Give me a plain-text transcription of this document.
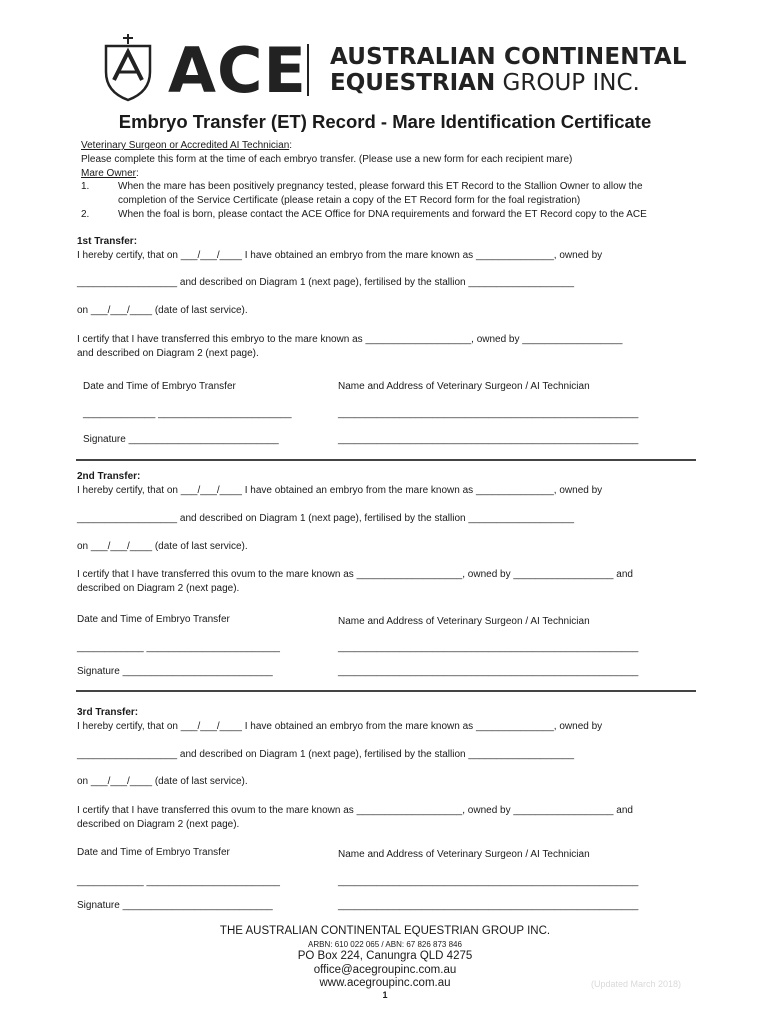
ACE AUSTRALIAN CONTINENTAL
EQUESTRIAN GROUP INC.
Embryo Transfer (ET) Record - Mare Identification Certificate
Veterinary Surgeon or Accredited AI Technician:
Please complete this form at the time of each embryo transfer. (Please use a new form for each recipient mare)
Mare Owner:
1.	When the mare has been positively pregnancy tested, please forward this ET Record to the Stallion Owner to allow the
completion of the Service Certificate (please retain a copy of the ET Record form for the foal registration)
2.	When the foal is born, please contact the ACE Office for DNA requirements and forward the ET Record copy to the ACE
1st Transfer:
I hereby certify, that on ___/___/____ I have obtained an embryo from the mare known as ______________, owned by
__________________ and described on Diagram 1 (next page), fertilised by the stallion ___________________
on ___/___/____ (date of last service).
I certify that I have transferred this embryo to the mare known as ___________________, owned by __________________
and described on Diagram 2 (next page).
Date and Time of Embryo Transfer	Name and Address of Veterinary Surgeon / AI Technician
_____________ ________________________	______________________________________________________
Signature ___________________________	______________________________________________________
2nd Transfer:
I hereby certify, that on ___/___/____ I have obtained an embryo from the mare known as ______________, owned by
__________________ and described on Diagram 1 (next page), fertilised by the stallion ___________________
on ___/___/____ (date of last service).
I certify that I have transferred this ovum to the mare known as ___________________, owned by __________________ and
described on Diagram 2 (next page).
Date and Time of Embryo Transfer	Name and Address of Veterinary Surgeon / AI Technician
____________ ________________________	______________________________________________________
Signature ___________________________	______________________________________________________
3rd Transfer:
I hereby certify, that on ___/___/____ I have obtained an embryo from the mare known as ______________, owned by
__________________ and described on Diagram 1 (next page), fertilised by the stallion ___________________
on ___/___/____ (date of last service).
I certify that I have transferred this ovum to the mare known as ___________________, owned by __________________ and
described on Diagram 2 (next page).
Date and Time of Embryo Transfer	Name and Address of Veterinary Surgeon / AI Technician
____________ ________________________	______________________________________________________
Signature ___________________________	______________________________________________________
THE AUSTRALIAN CONTINENTAL EQUESTRIAN GROUP INC.
ARBN: 610 022 065 / ABN: 67 826 873 846
PO Box 224, Canungra QLD 4275
office@acegroupinc.com.au
www.acegroupinc.com.au	(Updated March 2018)
1
